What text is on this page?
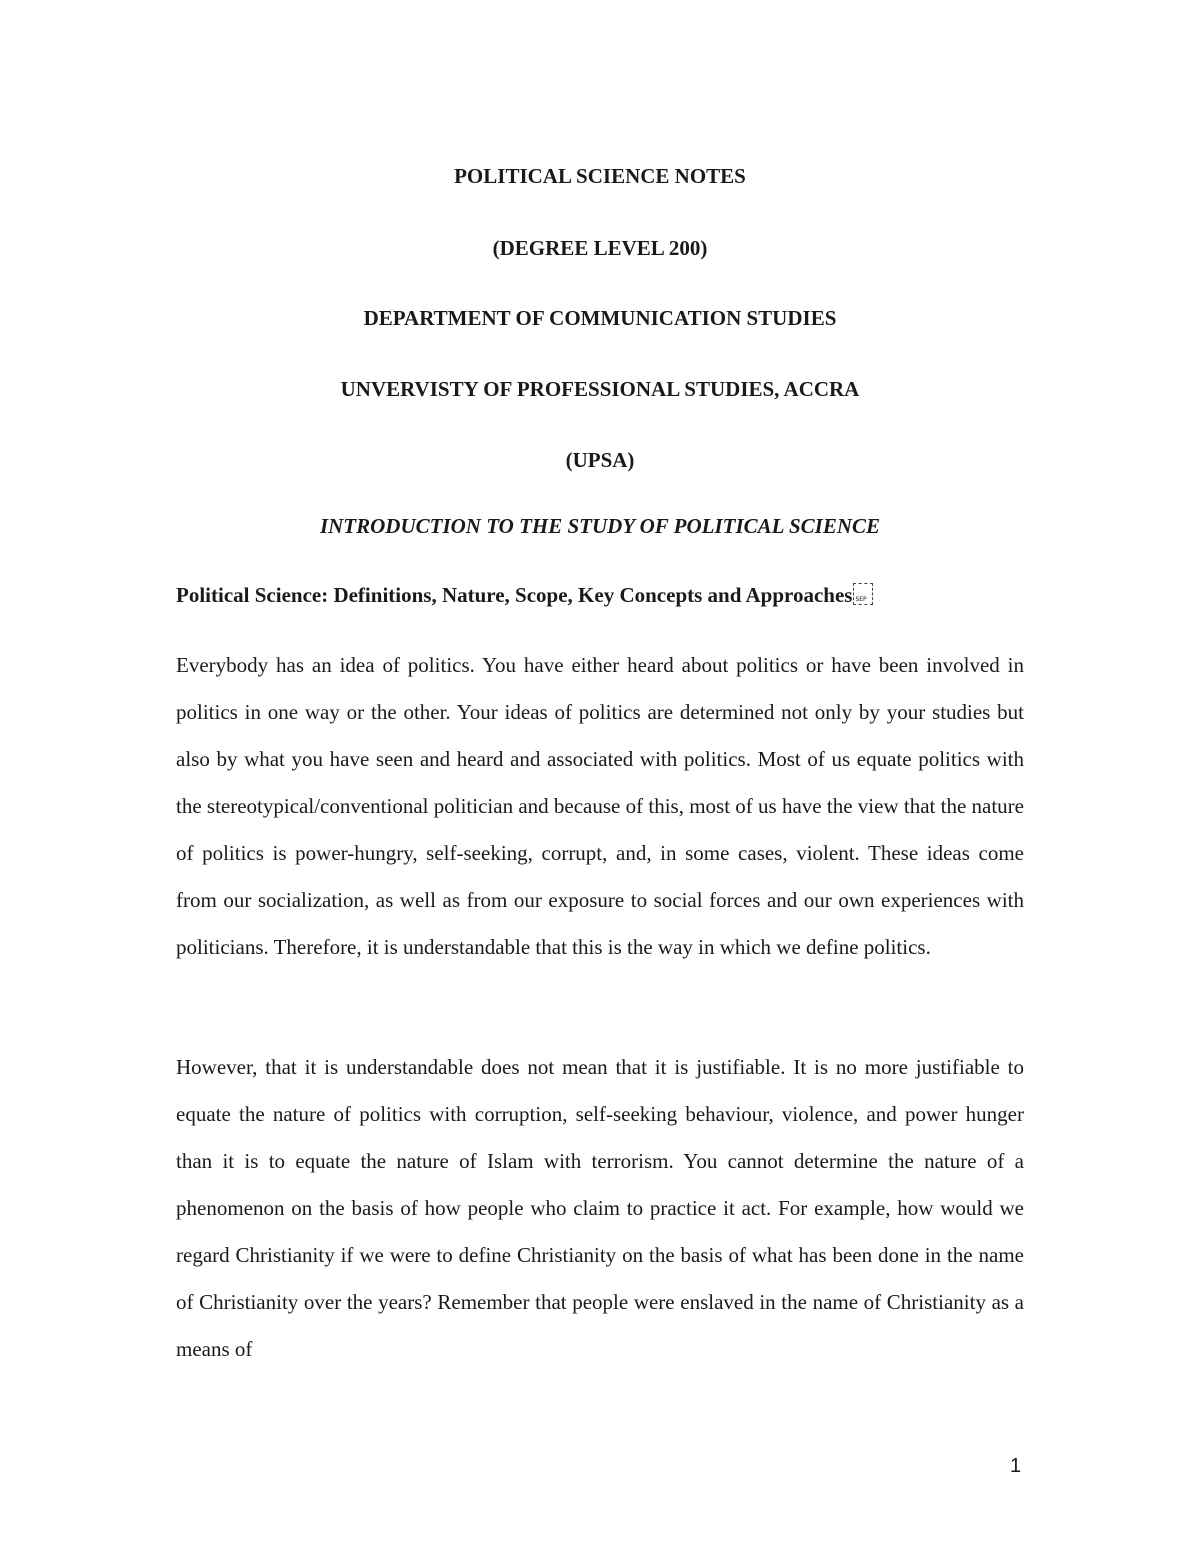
POLITICAL SCIENCE NOTES
(DEGREE LEVEL 200)
DEPARTMENT OF COMMUNICATION STUDIES
UNVERVISTY OF PROFESSIONAL STUDIES, ACCRA
(UPSA)
INTRODUCTION TO THE STUDY OF POLITICAL SCIENCE
Political Science: Definitions, Nature, Scope, Key Concepts and ApproachesSEP
Everybody has an idea of politics. You have either heard about politics or have been involved in politics in one way or the other. Your ideas of politics are determined not only by your studies but also by what you have seen and heard and associated with politics. Most of us equate politics with the stereotypical/conventional politician and because of this, most of us have the view that the nature of politics is power-hungry, self-seeking, corrupt, and, in some cases, violent. These ideas come from our socialization, as well as from our exposure to social forces and our own experiences with politicians. Therefore, it is understandable that this is the way in which we define politics.
However, that it is understandable does not mean that it is justifiable. It is no more justifiable to equate the nature of politics with corruption, self-seeking behaviour, violence, and power hunger than it is to equate the nature of Islam with terrorism. You cannot determine the nature of a phenomenon on the basis of how people who claim to practice it act. For example, how would we regard Christianity if we were to define Christianity on the basis of what has been done in the name of Christianity over the years? Remember that people were enslaved in the name of Christianity as a means of
1
